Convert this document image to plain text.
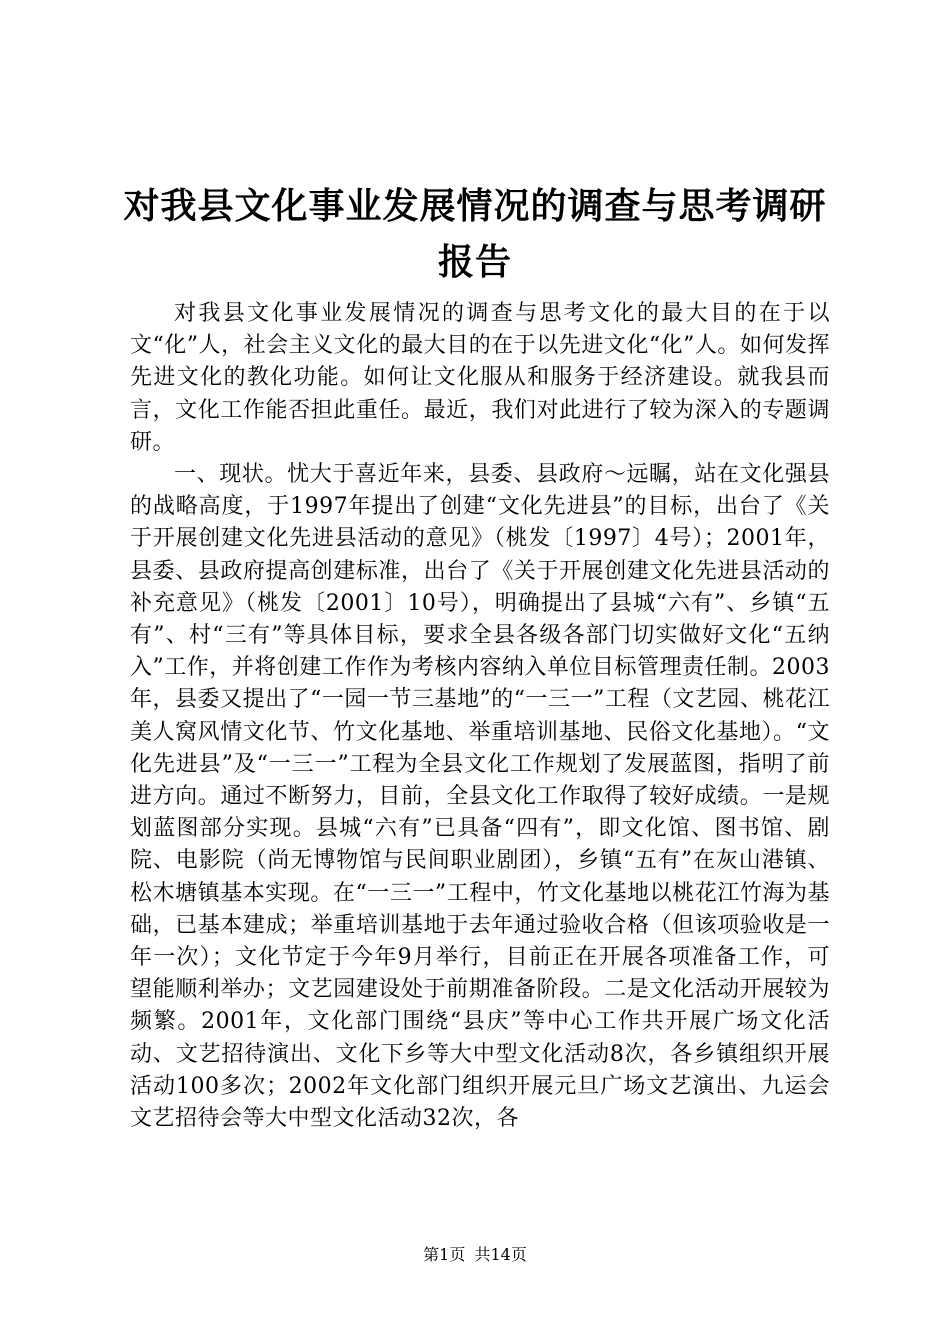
对我县文化事业发展情况的调查与思考调研报告

对我县文化事业发展情况的调查与思考文化的最大目的在于以文“化”人，社会主义文化的最大目的在于以先进文化“化”人。如何发挥先进文化的教化功能。如何让文化服从和服务于经济建设。就我县而言，文化工作能否担此重任。最近，我们对此进行了较为深入的专题调研。

一、现状。忧大于喜近年来，县委、县政府～远瞩，站在文化强县的战略高度，于1997年提出了创建“文化先进县”的目标，出台了《关于开展创建文化先进县活动的意见》（桃发〔1997〕4号）；2001年，县委、县政府提高创建标准，出台了《关于开展创建文化先进县活动的补充意见》（桃发〔2001〕10号），明确提出了县城“六有”、乡镇“五有”、村“三有”等具体目标，要求全县各级各部门切实做好文化“五纳入”工作，并将创建工作作为考核内容纳入单位目标管理责任制。2003年，县委又提出了“一园一节三基地”的“一三一”工程（文艺园、桃花江美人窝风情文化节、竹文化基地、举重培训基地、民俗文化基地）。“文化先进县”及“一三一”工程为全县文化工作规划了发展蓝图，指明了前进方向。通过不断努力，目前，全县文化工作取得了较好成绩。一是规划蓝图部分实现。县城“六有”已具备“四有”，即文化馆、图书馆、剧院、电影院（尚无博物馆与民间职业剧团），乡镇“五有”在灰山港镇、松木塘镇基本实现。在“一三一”工程中，竹文化基地以桃花江竹海为基础，已基本建成；举重培训基地于去年通过验收合格（但该项验收是一年一次）；文化节定于今年9月举行，目前正在开展各项准备工作，可望能顺利举办；文艺园建设处于前期准备阶段。二是文化活动开展较为频繁。2001年，文化部门围绕“县庆”等中心工作共开展广场文化活动、文艺招待演出、文化下乡等大中型文化活动8次，各乡镇组织开展活动100多次；2002年文化部门组织开展元旦广场文艺演出、九运会文艺招待会等大中型文化活动32次，各

第1页 共14页
